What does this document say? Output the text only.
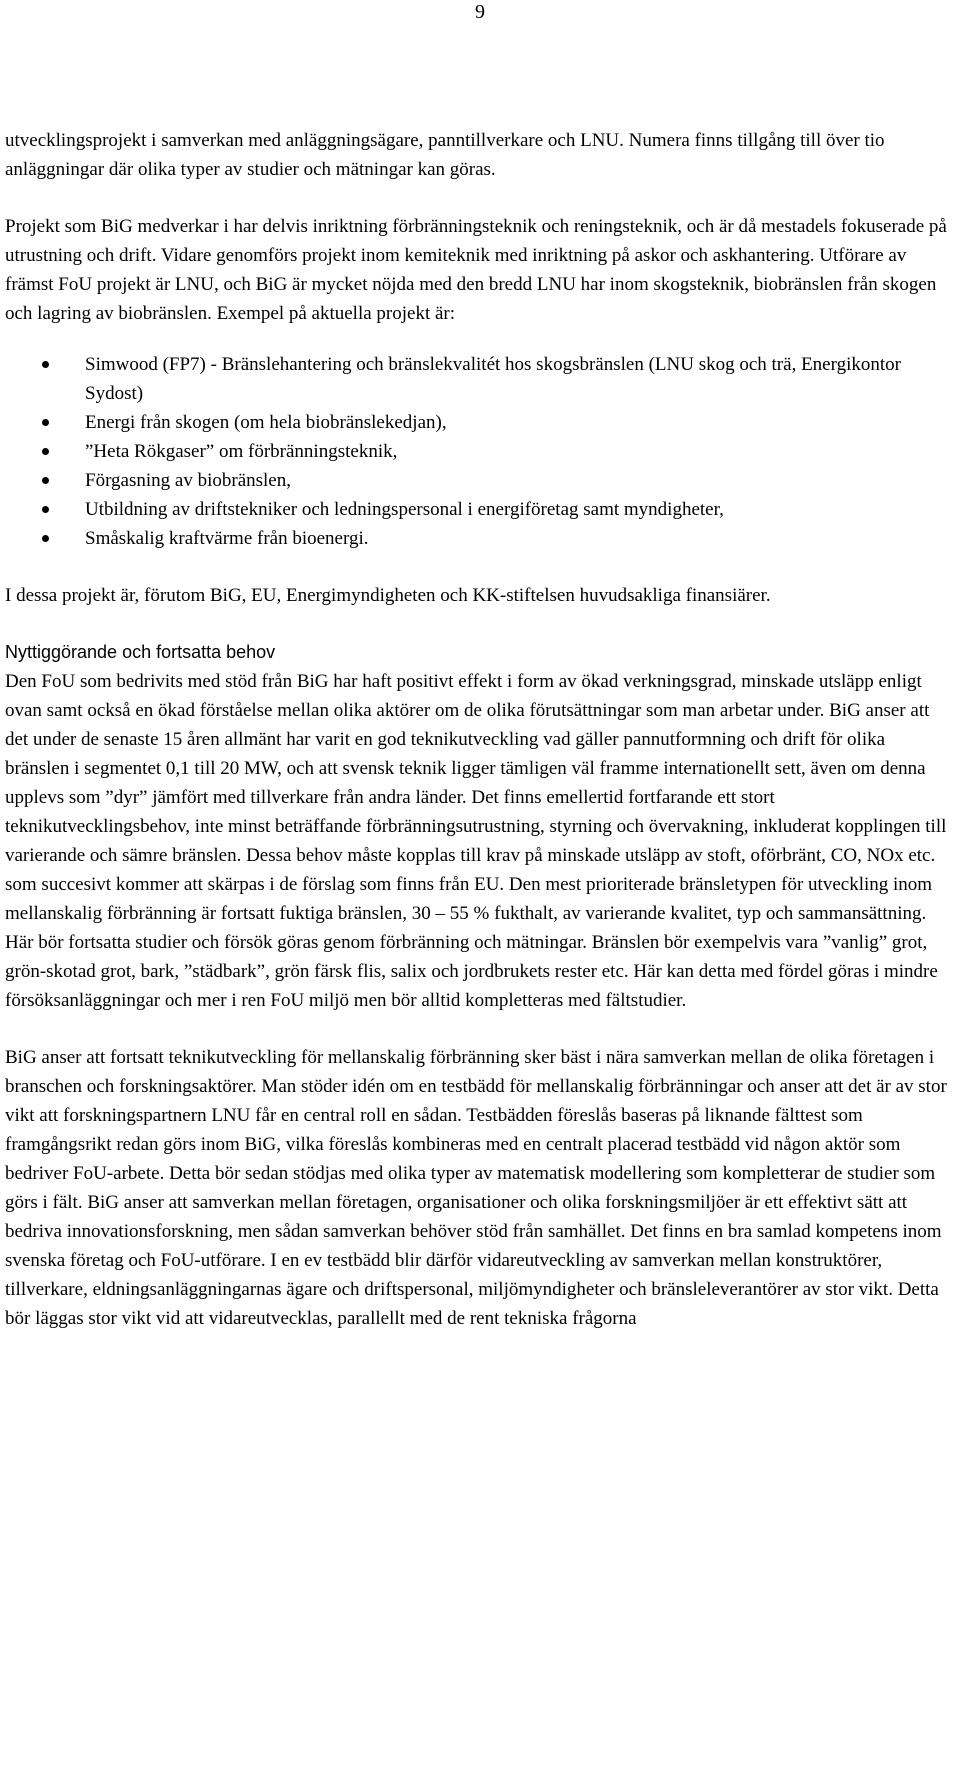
9

utvecklingsprojekt i samverkan med anläggningsägare, panntillverkare och LNU. Numera finns tillgång till över tio anläggningar där olika typer av studier och mätningar kan göras.

Projekt som BiG medverkar i har delvis inriktning förbränningsteknik och reningsteknik, och är då mestadels fokuserade på utrustning och drift. Vidare genomförs projekt inom kemiteknik med inriktning på askor och askhantering. Utförare av främst FoU projekt är LNU, och BiG är mycket nöjda med den bredd LNU har inom skogsteknik, biobränslen från skogen och lagring av biobränslen. Exempel på aktuella projekt är:

Simwood (FP7) - Bränslehantering och bränslekvalitét hos skogsbränslen (LNU skog och trä, Energikontor Sydost)
Energi från skogen (om hela biobränslekedjan),
”Heta Rökgaser” om förbränningsteknik,
Förgasning av biobränslen,
Utbildning av driftstekniker och ledningspersonal i energiföretag samt myndigheter,
Småskalig kraftvärme från bioenergi.

I dessa projekt är, förutom BiG, EU, Energimyndigheten och KK-stiftelsen huvudsakliga finansiärer.

Nyttiggörande och fortsatta behov

Den FoU som bedrivits med stöd från BiG har haft positivt effekt i form av ökad verkningsgrad, minskade utsläpp enligt ovan samt också en ökad förståelse mellan olika aktörer om de olika förutsättningar som man arbetar under. BiG anser att det under de senaste 15 åren allmänt har varit en god teknikutveckling vad gäller pannutformning och drift för olika bränslen i segmentet 0,1 till 20 MW, och att svensk teknik ligger tämligen väl framme internationellt sett, även om denna upplevs som ”dyr” jämfört med tillverkare från andra länder. Det finns emellertid fortfarande ett stort teknikutvecklingsbehov, inte minst beträffande förbränningsutrustning, styrning och övervakning, inkluderat kopplingen till varierande och sämre bränslen. Dessa behov måste kopplas till krav på minskade utsläpp av stoft, oförbränt, CO, NOx etc. som succesivt kommer att skärpas i de förslag som finns från EU. Den mest prioriterade bränsletypen för utveckling inom mellanskalig förbränning är fortsatt fuktiga bränslen, 30 – 55 % fukthalt, av varierande kvalitet, typ och sammansättning. Här bör fortsatta studier och försök göras genom förbränning och mätningar. Bränslen bör exempelvis vara ”vanlig” grot, grön-skotad grot, bark, ”städbark”, grön färsk flis, salix och jordbrukets rester etc. Här kan detta med fördel göras i mindre försöksanläggningar och mer i ren FoU miljö men bör alltid kompletteras med fältstudier.

BiG anser att fortsatt teknikutveckling för mellanskalig förbränning sker bäst i nära samverkan mellan de olika företagen i branschen och forskningsaktörer. Man stöder idén om en testbädd för mellanskalig förbränningar och anser att det är av stor vikt att forskningspartnern LNU får en central roll en sådan. Testbädden föreslås baseras på liknande fälttest som framgångsrikt redan görs inom BiG, vilka föreslås kombineras med en centralt placerad testbädd vid någon aktör som bedriver FoU-arbete. Detta bör sedan stödjas med olika typer av matematisk modellering som kompletterar de studier som görs i fält. BiG anser att samverkan mellan företagen, organisationer och olika forskningsmiljöer är ett effektivt sätt att bedriva innovationsforskning, men sådan samverkan behöver stöd från samhället. Det finns en bra samlad kompetens inom svenska företag och FoU-utförare. I en ev testbädd blir därför vidareutveckling av samverkan mellan konstruktörer, tillverkare, eldningsanläggningarnas ägare och driftspersonal, miljömyndigheter och bränsleleverantörer av stor vikt. Detta bör läggas stor vikt vid att vidareutvecklas, parallellt med de rent tekniska frågorna
